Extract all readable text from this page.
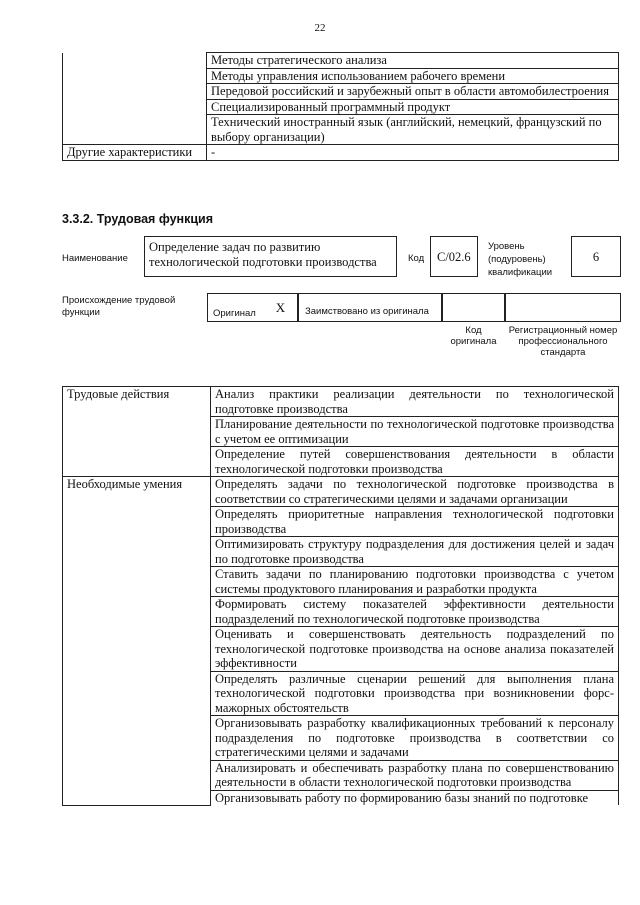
22
	Методы стратегического анализа
	Методы управления использованием рабочего времени
	Передовой российский и зарубежный опыт в области автомобилестроения
	Специализированный программный продукт
	Технический иностранный язык (английский, немецкий, французский по выбору организации)
Другие характеристики	-
3.3.2. Трудовая функция
Наименование
Определение задач по развитию технологической подготовки производства	Код	C/02.6
Уровень (подуровень) квалификации
6
Происхождение трудовой функции	Оригинал	X	Заимствовано из оригинала
Код оригинала
Регистрационный номер профессионального стандарта
Трудовые действия	Анализ практики реализации деятельности по технологической подготовке производства
	Планирование деятельности по технологической подготовке производства с учетом ее оптимизации
	Определение путей совершенствования деятельности в области технологической подготовки производства
Необходимые умения	Определять задачи по технологической подготовке производства в соответствии со стратегическими целями и задачами организации
	Определять приоритетные направления технологической подготовки производства
	Оптимизировать структуру подразделения для достижения целей и задач по подготовке производства
	Ставить задачи по планированию подготовки производства с учетом системы продуктового планирования и разработки продукта
	Формировать систему показателей эффективности деятельности подразделений по технологической подготовке производства
	Оценивать и совершенствовать деятельность подразделений по технологической подготовке производства на основе анализа показателей эффективности
	Определять различные сценарии решений для выполнения плана технологической подготовки производства при возникновении форс-мажорных обстоятельств
	Организовывать разработку квалификационных требований к персоналу подразделения по подготовке производства в соответствии со стратегическими целями и задачами
	Анализировать и обеспечивать разработку плана по совершенствованию деятельности в области технологической подготовки производства
	Организовывать работу по формированию базы знаний по подготовке
